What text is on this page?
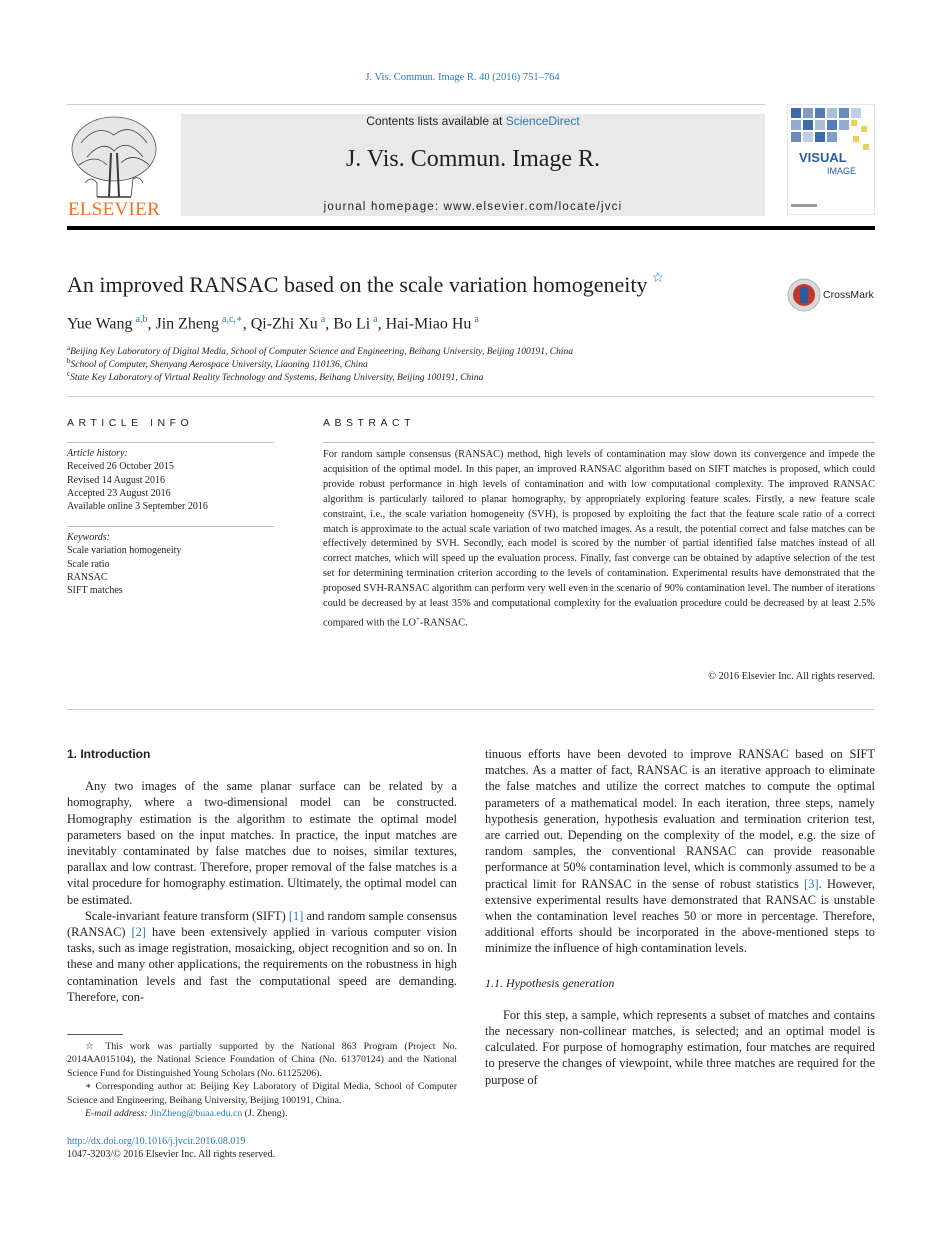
J. Vis. Commun. Image R. 40 (2016) 751–764
ELSEVIER
Contents lists available at ScienceDirect
J. Vis. Commun. Image R.
journal homepage: www.elsevier.com/locate/jvci
VISUAL
IMAGE
An improved RANSAC based on the scale variation homogeneity ☆
CrossMark
Yue Wang $^{a,b}$, Jin Zheng $^{a,c,∗}$, Qi-Zhi Xu $^a$, Bo Li $^a$, Hai-Miao Hu $^a$
$^a$Beijing Key Laboratory of Digital Media, School of Computer Science and Engineering, Beihang University, Beijing 100191, China
$^b$School of Computer, Shenyang Aerospace University, Liaoning 110136, China
$^c$State Key Laboratory of Virtual Reality Technology and Systems, Beihang University, Beijing 100191, China
ARTICLE INFO
Article history:
Received 26 October 2015
Revised 14 August 2016
Accepted 23 August 2016
Available online 3 September 2016
Keywords:
Scale variation homogeneity
Scale ratio
RANSAC
SIFT matches
ABSTRACT
For random sample consensus (RANSAC) method, high levels of contamination may slow down its convergence and impede the acquisition of the optimal model. In this paper, an improved RANSAC algorithm based on SIFT matches is proposed, which could provide robust performance in high levels of contamination and with low computational complexity. The improved RANSAC algorithm is particularly tailored to planar homography, by appropriately exploring feature scales. Firstly, a new feature scale constraint, i.e., the scale variation homogeneity (SVH), is proposed by exploiting the fact that the feature scale ratio of a correct match is approximate to the actual scale variation of two matched images. As a result, the potential correct and false matches can be effectively determined by SVH. Secondly, each model is scored by the number of partial identified false matches instead of all correct matches, which will speed up the evaluation process. Finally, fast converge can be obtained by adaptive selection of the test set for determining termination criterion according to the levels of contamination. Experimental results have demonstrated that the proposed SVH-RANSAC algorithm can perform very well even in the scenario of 90% contamination level. The number of iterations could be decreased by at least 35% and computational complexity for the evaluation procedure could be decreased by at least 2.5% compared with the LO+-RANSAC.
© 2016 Elsevier Inc. All rights reserved.

1. Introduction

Any two images of the same planar surface can be related by a homography, where a two-dimensional model can be constructed. Homography estimation is the algorithm to estimate the optimal model parameters based on the input matches. In practice, the input matches are inevitably contaminated by false matches due to noises, similar textures, parallax and low contrast. Therefore, proper removal of the false matches is a vital procedure for homography estimation. Ultimately, the optimal model can be estimated.

Scale-invariant feature transform (SIFT) [1] and random sample consensus (RANSAC) [2] have been extensively applied in various computer vision tasks, such as image registration, mosaicking, object recognition and so on. In these and many other applications, the requirements on the robustness in high contamination levels and fast the computational speed are demanding. Therefore, con-

tinuous efforts have been devoted to improve RANSAC based on SIFT matches. As a matter of fact, RANSAC is an iterative approach to eliminate the false matches and utilize the correct matches to compute the optimal parameters of a mathematical model. In each iteration, three steps, namely hypothesis generation, hypothesis evaluation and termination criterion test, are carried out. Depending on the complexity of the model, e.g. the size of random samples, the conventional RANSAC can provide reasonable performance at 50% contamination level, which is commonly assumed to be a practical limit for RANSAC in the sense of robust statistics [3]. However, extensive experimental results have demonstrated that RANSAC is unstable when the contamination level reaches 50 or more in percentage. Therefore, additional efforts should be incorporated in the above-mentioned steps to minimize the influence of high contamination levels.

1.1. Hypothesis generation

For this step, a sample, which represents a subset of matches and contains the necessary non-collinear matches, is selected; and an optimal model is calculated. For purpose of homography estimation, four matches are required to preserve the changes of viewpoint, while three matches are required for the purpose of

☆ This work was partially supported by the National 863 Program (Project No. 2014AA015104), the National Science Foundation of China (No. 61370124) and the National Science Fund for Distinguished Young Scholars (No. 61125206).

∗ Corresponding author at: Beijing Key Laboratory of Digital Media, School of Computer Science and Engineering, Beihang University, Beijing 100191, China.

E-mail address: JinZheng@buaa.edu.cn (J. Zheng).

http://dx.doi.org/10.1016/j.jvcir.2016.08.019
1047-3203/© 2016 Elsevier Inc. All rights reserved.
